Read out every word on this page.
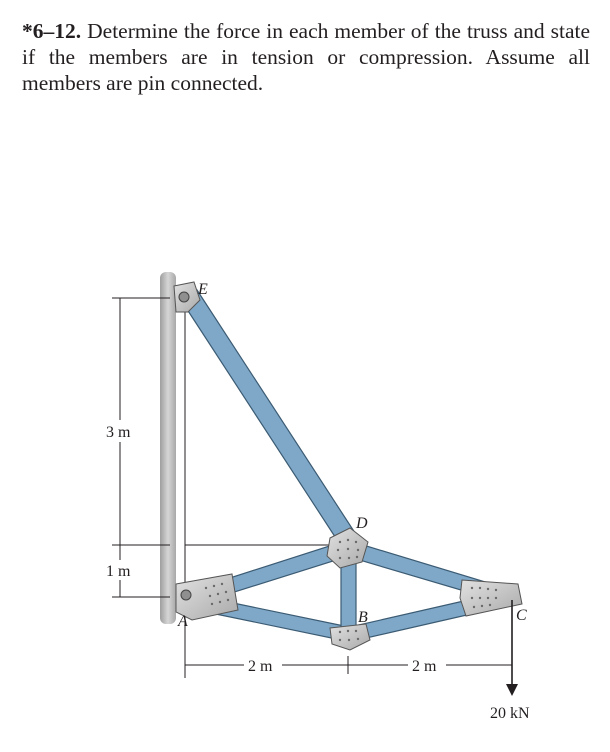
*6–12. Determine the force in each member of the truss and state if the members are in tension or compression. Assume all members are pin connected.
3 m
1 m
2 m	2 m
E
A
D
B	C
20 kN
